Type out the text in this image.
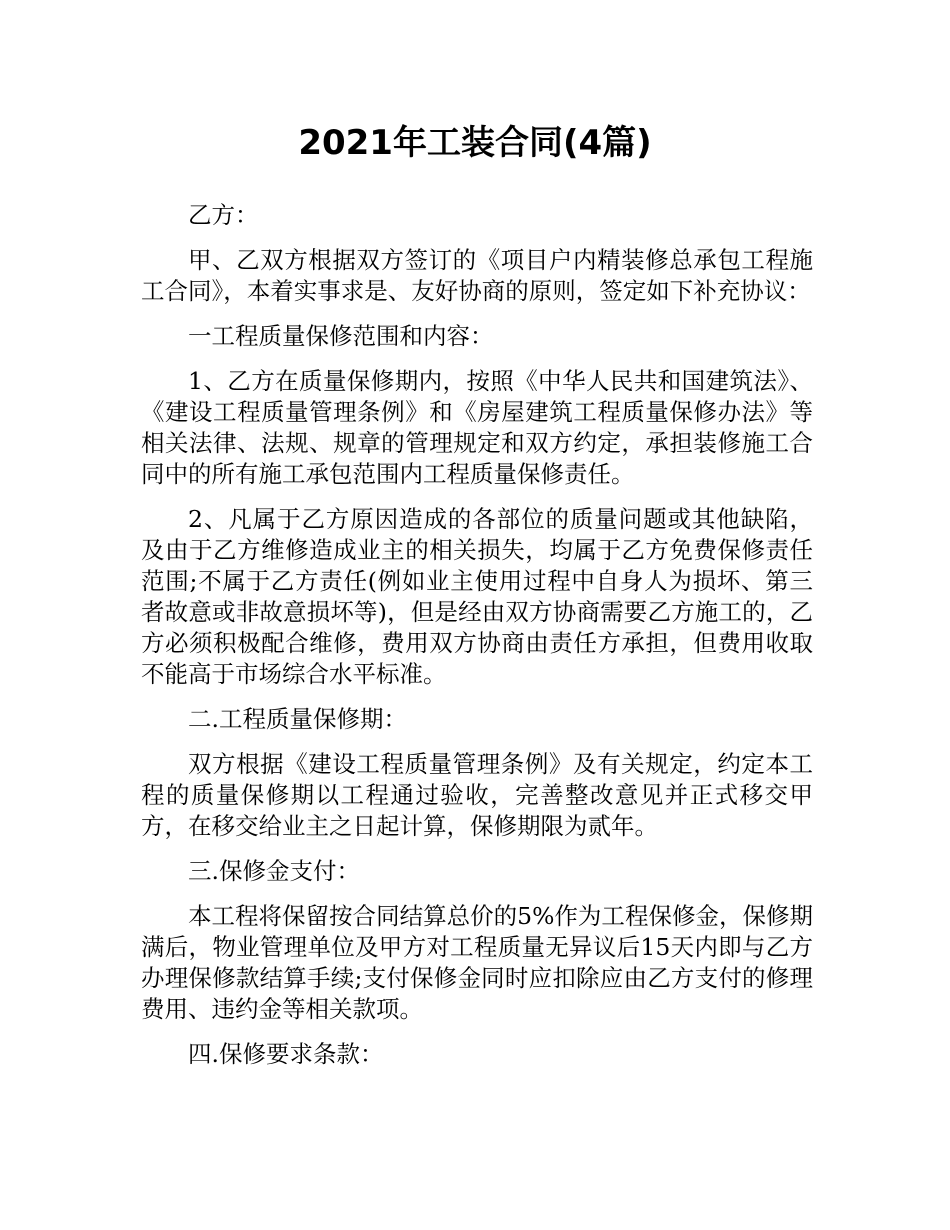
2021年工装合同(4篇)

乙方：

甲、乙双方根据双方签订的《项目户内精装修总承包工程施工合同》，本着实事求是、友好协商的原则，签定如下补充协议：

一工程质量保修范围和内容：

1、乙方在质量保修期内，按照《中华人民共和国建筑法》、《建设工程质量管理条例》和《房屋建筑工程质量保修办法》等相关法律、法规、规章的管理规定和双方约定，承担装修施工合同中的所有施工承包范围内工程质量保修责任。

2、凡属于乙方原因造成的各部位的质量问题或其他缺陷，及由于乙方维修造成业主的相关损失，均属于乙方免费保修责任范围;不属于乙方责任(例如业主使用过程中自身人为损坏、第三者故意或非故意损坏等)，但是经由双方协商需要乙方施工的，乙方必须积极配合维修，费用双方协商由责任方承担，但费用收取不能高于市场综合水平标准。

二.工程质量保修期：

双方根据《建设工程质量管理条例》及有关规定，约定本工程的质量保修期以工程通过验收，完善整改意见并正式移交甲方，在移交给业主之日起计算，保修期限为贰年。

三.保修金支付：

本工程将保留按合同结算总价的5%作为工程保修金，保修期满后，物业管理单位及甲方对工程质量无异议后15天内即与乙方办理保修款结算手续;支付保修金同时应扣除应由乙方支付的修理费用、违约金等相关款项。

四.保修要求条款：
